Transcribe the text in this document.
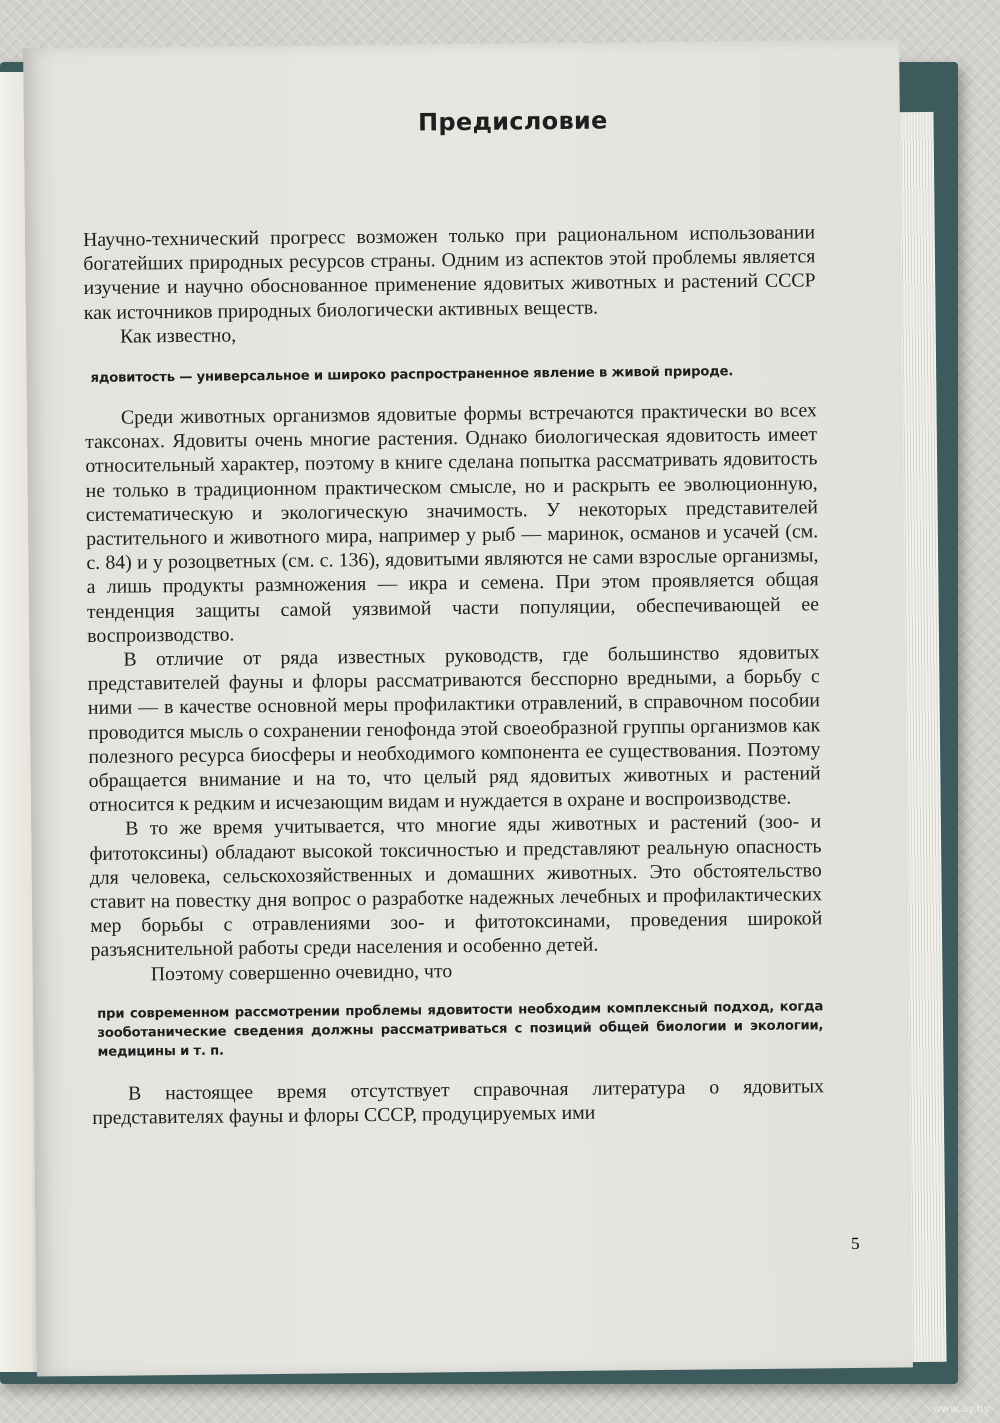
Предисловие

Научно-технический прогресс возможен только при рациональном использовании богатейших природных ресурсов страны. Одним из аспектов этой проблемы является изучение и научно обоснованное применение ядовитых животных и растений СССР как источников природных биологически активных веществ.

Как известно,

ядовитость — универсальное и широко распространенное явление в живой природе.

Среди животных организмов ядовитые формы встречаются практически во всех таксонах. Ядовиты очень многие растения. Однако биологическая ядовитость имеет относительный характер, поэтому в книге сделана попытка рассматривать ядовитость не только в традиционном практическом смысле, но и раскрыть ее эволюционную, систематическую и экологическую значимость. У некоторых представителей растительного и животного мира, например у рыб — маринок, османов и усачей (см. с. 84) и у розоцветных (см. с. 136), ядовитыми являются не сами взрослые организмы, а лишь продукты размножения — икра и семена. При этом проявляется общая тенденция защиты самой уязвимой части популяции, обеспечивающей ее воспроизводство.

В отличие от ряда известных руководств, где большинство ядовитых представителей фауны и флоры рассматриваются бесспорно вредными, а борьбу с ними — в качестве основной меры профилактики отравлений, в справочном пособии проводится мысль о сохранении генофонда этой своеобразной группы организмов как полезного ресурса биосферы и необходимого компонента ее существования. Поэтому обращается внимание и на то, что целый ряд ядовитых животных и растений относится к редким и исчезающим видам и нуждается в охране и воспроизводстве.

В то же время учитывается, что многие яды животных и растений (зоо- и фитотоксины) обладают высокой токсичностью и представляют реальную опасность для человека, сельскохозяйственных и домашних животных. Это обстоятельство ставит на повестку дня вопрос о разработке надежных лечебных и профилактических мер борьбы с отравлениями зоо- и фитотоксинами, проведения широкой разъяснительной работы среди населения и особенно детей.

Поэтому совершенно очевидно, что

при современном рассмотрении проблемы ядовитости необходим комплексный подход, когда зооботанические сведения должны рассматриваться с позиций общей биологии и экологии, медицины и т. п.

В настоящее время отсутствует справочная литература о ядовитых представителях фауны и флоры СССР, продуцируемых ими

5
www.ay.by
